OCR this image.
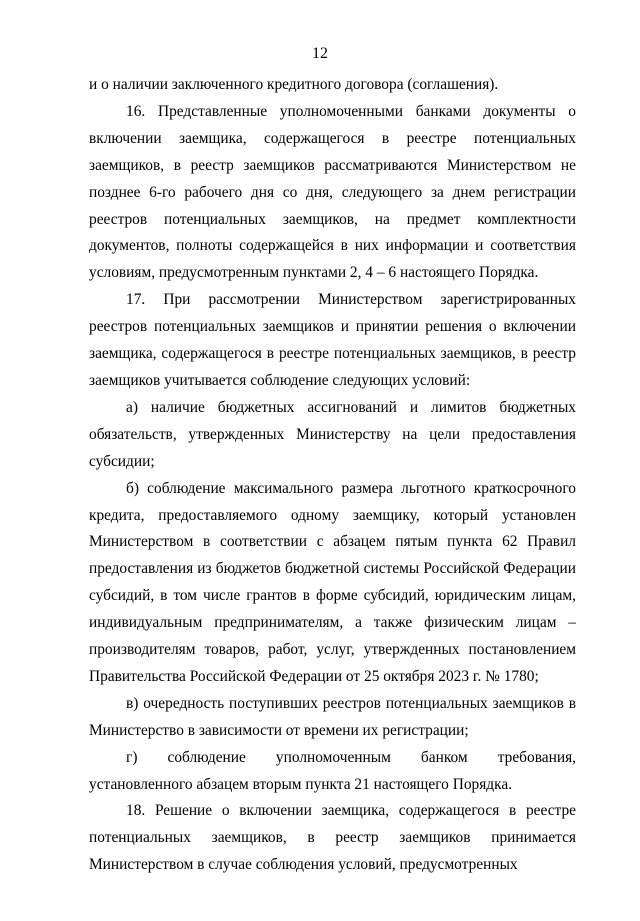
12

и о наличии заключенного кредитного договора (соглашения).

16. Представленные уполномоченными банками документы о включении заемщика, содержащегося в реестре потенциальных заемщиков, в реестр заемщиков рассматриваются Министерством не позднее 6-го рабочего дня со дня, следующего за днем регистрации реестров потенциальных заемщиков, на предмет комплектности документов, полноты содержащейся в них информации и соответствия условиям, предусмотренным пунктами 2, 4 – 6 настоящего Порядка.

17. При рассмотрении Министерством зарегистрированных реестров потенциальных заемщиков и принятии решения о включении заемщика, содержащегося в реестре потенциальных заемщиков, в реестр заемщиков учитывается соблюдение следующих условий:

а) наличие бюджетных ассигнований и лимитов бюджетных обязательств, утвержденных Министерству на цели предоставления субсидии;

б) соблюдение максимального размера льготного краткосрочного кредита, предоставляемого одному заемщику, который установлен Министерством в соответствии с абзацем пятым пункта 62 Правил предоставления из бюджетов бюджетной системы Российской Федерации субсидий, в том числе грантов в форме субсидий, юридическим лицам, индивидуальным предпринимателям, а также физическим лицам – производителям товаров, работ, услуг, утвержденных постановлением Правительства Российской Федерации от 25 октября 2023 г. № 1780;

в) очередность поступивших реестров потенциальных заемщиков в Министерство в зависимости от времени их регистрации;

г) соблюдение уполномоченным банком требования, установленного абзацем вторым пункта 21 настоящего Порядка.

18. Решение о включении заемщика, содержащегося в реестре потенциальных заемщиков, в реестр заемщиков принимается Министерством в случае соблюдения условий, предусмотренных
